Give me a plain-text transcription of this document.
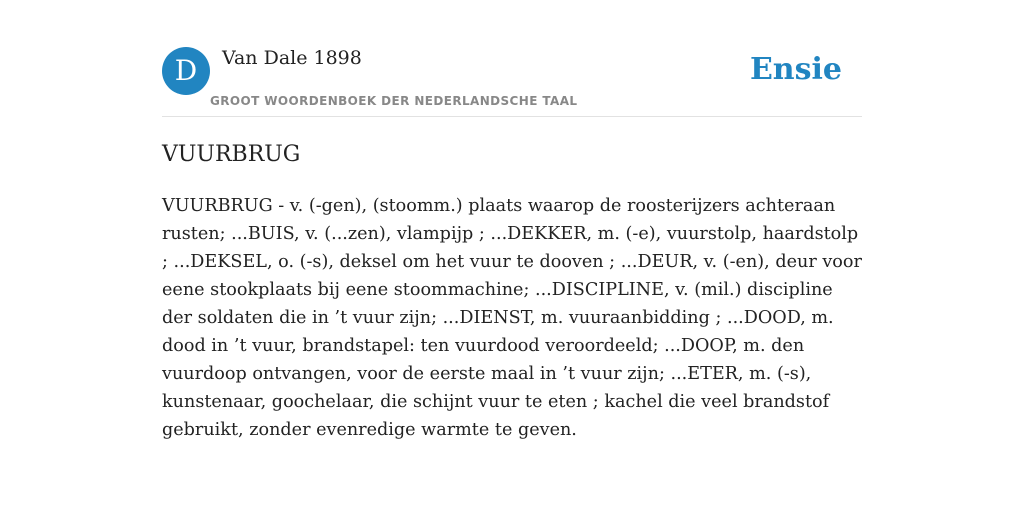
D	Van Dale 1898
GROOT WOORDENBOEK DER NEDERLANDSCHE TAAL
Ensie
VUURBRUG

VUURBRUG - v. (-gen), (stoomm.) plaats waarop de roosterijzers achteraan rusten; ...BUIS, v. (...zen), vlampijp ; ...DEKKER, m. (-e), vuurstolp, haardstolp ; ...DEKSEL, o. (-s), deksel om het vuur te dooven ; ...DEUR, v. (-en), deur voor eene stookplaats bij eene stoommachine; ...DISCIPLINE, v. (mil.) discipline der soldaten die in ’t vuur zijn; ...DIENST, m. vuuraanbidding ; ...DOOD, m. dood in ’t vuur, brandstapel: ten vuurdood veroordeeld; ...DOOP, m. den vuurdoop ontvangen, voor de eerste maal in ’t vuur zijn; ...ETER, m. (-s), kunstenaar, goochelaar, die schijnt vuur te eten ; kachel die veel brandstof gebruikt, zonder evenredige warmte te geven.
